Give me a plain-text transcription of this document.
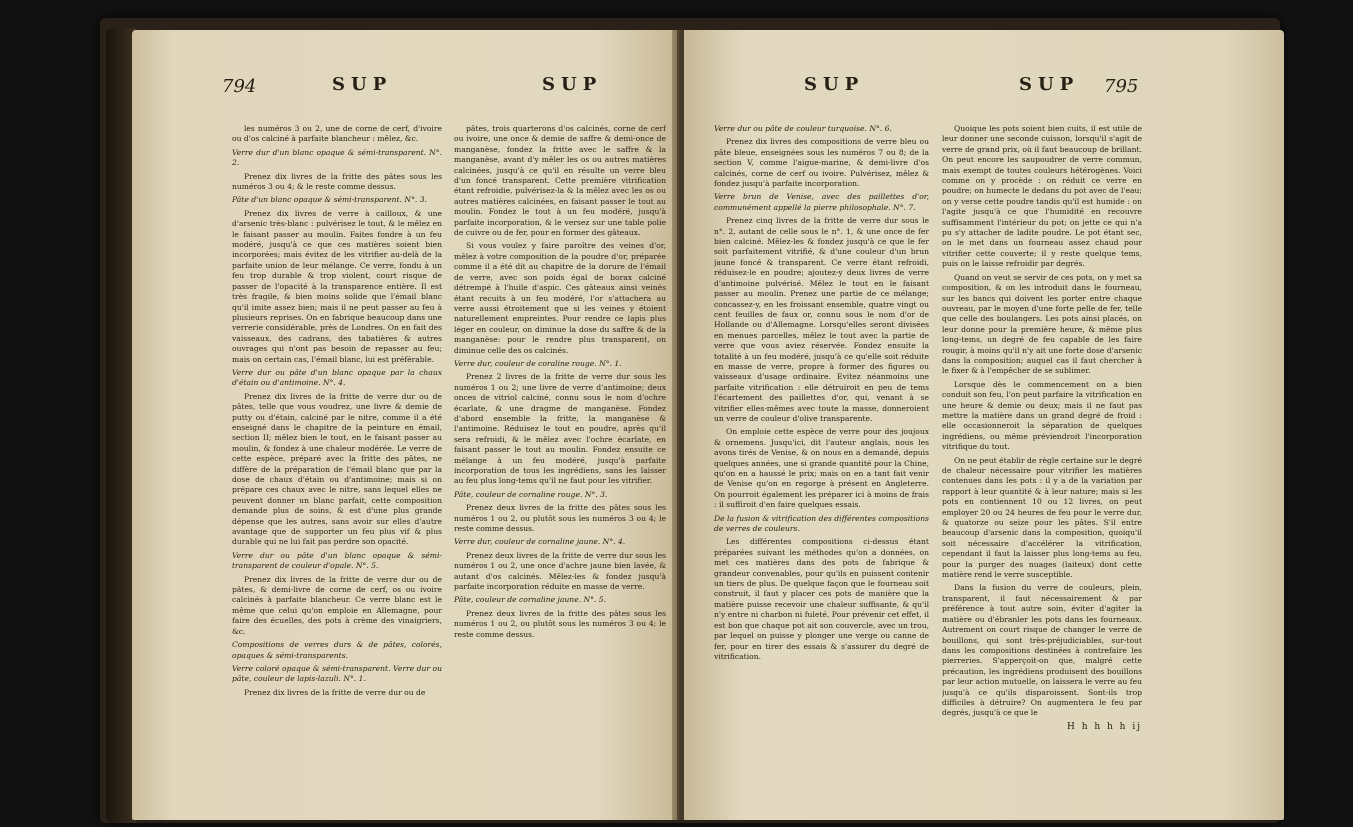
794	SUP	SUP

les numéros 3 ou 2, une de corne de cerf, d'ivoire ou d'os calciné à parfaite blancheur : mêlez, &c.

Verre dur d'un blanc opaque & sémi-transparent. N°. 2.

Prenez dix livres de la fritte des pâtes sous les numéros 3 ou 4; & le reste comme dessus.

Pâte d'un blanc opaque & sémi-transparent. N°. 3.

Prenez dix livres de verre à cailloux, & une d'arsenic très-blanc : pulvérisez le tout, & le mêlez en le faisant passer au moulin. Faites fondre à un feu modéré, jusqu'à ce que ces matières soient bien incorporées; mais évitez de les vitrifier au-delà de la parfaite union de leur mélange. Ce verre, fondu à un feu trop durable & trop violent, court risque de passer de l'opacité à la transparence entière. Il est très fragile, & bien moins solide que l'émail blanc qu'il imite assez bien; mais il ne peut passer au feu à plusieurs reprises. On en fabrique beaucoup dans une verrerie considérable, près de Londres. On en fait des vaisseaux, des cadrans, des tabatières & autres ouvrages qui n'ont pas besoin de repasser au feu; mais on certain cas, l'émail blanc, lui est préférable.

Verre dur ou pâte d'un blanc opaque par la chaux d'étain ou d'antimoine. N°. 4.

Prenez dix livres de la fritte de verre dur ou de pâtes, telle que vous voudrez, une livre & demie de putty ou d'étain, calciné par le nitre, comme il a été enseigné dans le chapitre de la peinture en émail, section II; mêlez bien le tout, en le faisant passer au moulin, & fondez à une chaleur modérée. Le verre de cette espèce, préparé avec la fritte des pâtes, ne diffère de la préparation de l'émail blanc que par la dose de chaux d'étain ou d'antimoine; mais si on prépare ces chaux avec le nitre, sans lequel elles ne peuvent donner un blanc parfait, cette composition demande plus de soins, & est d'une plus grande dépense que les autres, sans avoir sur elles d'autre avantage que de supporter un feu plus vif & plus durable qui ne lui fait pas perdre son opacité.

Verre dur ou pâte d'un blanc opaque & sémi-transparent de couleur d'opale. N°. 5.

Prenez dix livres de la fritte de verre dur ou de pâtes, & demi-livre de corne de cerf, os ou ivoire calcinés à parfaite blancheur. Ce verre blanc est le même que celui qu'on emploie en Allemagne, pour faire des écuelles, des pots à crème des vinaigriers, &c.

Compositions de verres durs & de pâtes, colorés, opaques & sémi-transparents.

Verre coloré opaque & sémi-transparent. Verre dur ou pâte, couleur de lapis-lazuli. N°. 1.

Prenez dix livres de la fritte de verre dur ou de

pâtes, trois quarterons d'os calcinés, corne de cerf ou ivoire, une once & demie de saffre & demi-once de manganèse, fondez la fritte avec le saffre & la manganèse, avant d'y mêler les os ou autres matières calcinées, jusqu'à ce qu'il en résulte un verre bleu d'un foncé transparent. Cette première vitrification étant refroidie, pulvérisez-la & la mêlez avec les os ou autres matières calcinées, en faisant passer le tout au moulin. Fondez le tout à un feu modéré, jusqu'à parfaite incorporation, & le versez sur une table polie de cuivre ou de fer, pour en former des gâteaux.

Si vous voulez y faire paroître des veines d'or, mêlez à votre composition de la poudre d'or, préparée comme il a été dit au chapitre de la dorure de l'émail de verre, avec son poids égal de borax calciné détrempé à l'huile d'aspic. Ces gâteaux ainsi veinés étant recuits à un feu modéré, l'or s'attachera au verre aussi étroitement que si les veines y étoient naturellement empreintes. Pour rendre ce lapis plus léger en couleur, on diminue la dose du saffre & de la manganèse: pour le rendre plus transparent, on diminue celle des os calcinés.

Verre dur, couleur de coraline rouge. N°. 1.

Prenez 2 livres de la fritte de verre dur sous les numéros 1 ou 2; une livre de verre d'antimoine; deux onces de vitriol calciné, connu sous le nom d'ochre écarlate, & une dragme de manganèse. Fondez d'abord ensemble la fritte, la manganèse & l'antimoine. Réduisez le tout en poudre, après qu'il sera refroidi, & le mêlez avec l'ochre écarlate, en faisant passer le tout au moulin. Fondez ensuite ce mélange à un feu modéré, jusqu'à parfaite incorporation de tous les ingrédiens, sans les laisser au feu plus long-tems qu'il ne faut pour les vitrifier.

Pâte, couleur de cornaline rouge. N°. 3.

Prenez deux livres de la fritte des pâtes sous les numéros 1 ou 2, ou plutôt sous les numéros 3 ou 4; le reste comme dessus.

Verre dur, couleur de cornaline jaune. N°. 4.

Prenez deux livres de la fritte de verre dur sous les numéros 1 ou 2, une once d'achre jaune bien lavée, & autant d'os calcinés. Mêlez-les & fondez jusqu'à parfaite incorporation réduite en masse de verre.

Pâte, couleur de cornaline jaune. N°. 5.

Prenez deux livres de la fritte des pâtes sous les numéros 1 ou 2, ou plutôt sous les numéros 3 ou 4; le reste comme dessus.

SUP	SUP 795

Verre dur ou pâte de couleur turquoise. N°. 6.

Prenez dix livres des compositions de verre bleu ou pâte bleue, enseignées sous les numéros 7 ou 8; de la section V, comme l'aigue-marine, & demi-livre d'os calcinés, corne de cerf ou ivoire. Pulvérisez, mêlez & fondez jusqu'à parfaite incorporation.

Verre brun de Venise, avec des paillettes d'or, communément appellé la pierre philosophale. N°. 7.

Prenez cinq livres de la fritte de verre dur sous le n°. 2, autant de celle sous le n°. 1, & une once de fer bien calciné. Mêlez-les & fondez jusqu'à ce que le fer soit parfaitement vitrifié, & d'une couleur d'un brun jaune foncé & transparent. Ce verre étant refroidi, réduisez-le en poudre; ajoutez-y deux livres de verre d'antimoine pulvérisé. Mêlez le tout en le faisant passer au moulin. Prenez une partie de ce mélange; concassez-y, en les froissant ensemble, quatre vingt ou cent feuilles de faux or, connu sous le nom d'or de Hollande ou d'Allemagne. Lorsqu'elles seront divisées en menues parcelles, mêlez le tout avec la partie de verre que vous aviez réservée. Fondez ensuite la totalité à un feu modéré, jusqu'à ce qu'elle soit réduite en masse de verre, propre à former des figures ou vaisseaux d'usage ordinaire. Evitez néanmoins une parfaite vitrification : elle détruiroit en peu de tems l'écartement des paillettes d'or, qui, venant à se vitrifier elles-mêmes avec toute la masse, donneroient un verre de couleur d'olive transparente.

On emploie cette espèce de verre pour des joujoux & ornemens. Jusqu'ici, dit l'auteur anglais, nous les avons tirés de Venise, & on nous en a demandé, depuis quelques années, une si grande quantité pour la Chine, qu'on en a haussé le prix; mais on en a tant fait venir de Venise qu'on en regorge à présent en Angleterre. On pourroit également les préparer ici à moins de frais : il suffiroit d'en faire quelques essais.

De la fusion & vitrification des différentes compositions de verres de couleurs.

Les différentes compositions ci-dessus étant préparées suivant les méthodes qu'on a données, on met ces matières dans des pots de fabrique & grandeur convenables, pour qu'ils en puissent contenir un tiers de plus. De quelque façon que le fourneau soit construit, il faut y placer ces pots de manière que la matière puisse recevoir une chaleur suffisante, & qu'il n'y entre ni charbon ni fuleté. Pour prévenir cet effet, il est bon que chaque pot ait son couvercle, avec un trou, par lequel on puisse y plonger une verge ou canne de fer, pour en tirer des essais & s'assurer du degré de vitrification.

Quoique les pots soient bien cuits, il est utile de leur donner une seconde cuisson, lorsqu'il s'agit de verre de grand prix, où il faut beaucoup de brillant. On peut encore les saupoudrer de verre commun, mais exempt de toutes couleurs hétérogènes. Voici comme on y procède : on réduit ce verre en poudre; on humecte le dedans du pot avec de l'eau; on y verse cette poudre tandis qu'il est humide : on l'agite jusqu'à ce que l'humidité en recouvre suffisamment l'intérieur du pot; on jette ce qui n'a pu s'y attacher de ladite poudre. Le pot étant sec, on le met dans un fourneau assez chaud pour vitrifier cette couverte; il y reste quelque tems, puis on le laisse refroidir par degrés.

Quand on veut se servir de ces pots, on y met sa composition, & on les introduit dans le fourneau, sur les bancs qui doivent les porter entre chaque ouvreau, par le moyen d'une forte pelle de fer, telle que celle des boulangers. Les pots ainsi placés, on leur donne pour la première heure, & même plus long-tems, un degré de feu capable de les faire rougir, à moins qu'il n'y ait une forte dose d'arsenic dans la composition; auquel cas il faut chercher à le fixer & à l'empêcher de se sublimer.

Lorsque dès le commencement on a bien conduit son feu, l'on peut parfaire la vitrification en une heure & demie ou deux; mais il ne faut pas mettre la matière dans un grand degré de froid : elle occasionneroit la séparation de quelques ingrédiens, ou même préviendroit l'incorporation vitrifique du tout.

On ne peut établir de règle certaine sur le degré de chaleur nécessaire pour vitrifier les matières contenues dans les pots : il y a de la variation par rapport à leur quantité & à leur nature; mais si les pots en contiennent 10 ou 12 livres, on peut employer 20 ou 24 heures de feu pour le verre dur, & quatorze ou seize pour les pâtes. S'il entre beaucoup d'arsenic dans la composition, quoiqu'il soit nécessaire d'accélérer la vitrification, cependant il faut la laisser plus long-tems au feu, pour la purger des nuages (laiteux) dont cette matière rend le verre susceptible.

Dans la fusion du verre de couleurs, plein, transparent, il faut nécessairement & par préférence à tout autre soin, éviter d'agiter la matière ou d'ébranler les pots dans les fourneaux. Autrement on court risque de changer le verre de bouillons, qui sont très-préjudiciables, sur-tout dans les compositions destinées à contrefaire les pierreries. S'apperçoit-on que, malgré cette précaution, les ingrédiens produisent des bouillons par leur action mutuelle, on laissera le verre au feu jusqu'à ce qu'ils disparoissent. Sont-ils trop difficiles à détruire? On augmentera le feu par degrés, jusqu'à ce que le

H h h h h ij
